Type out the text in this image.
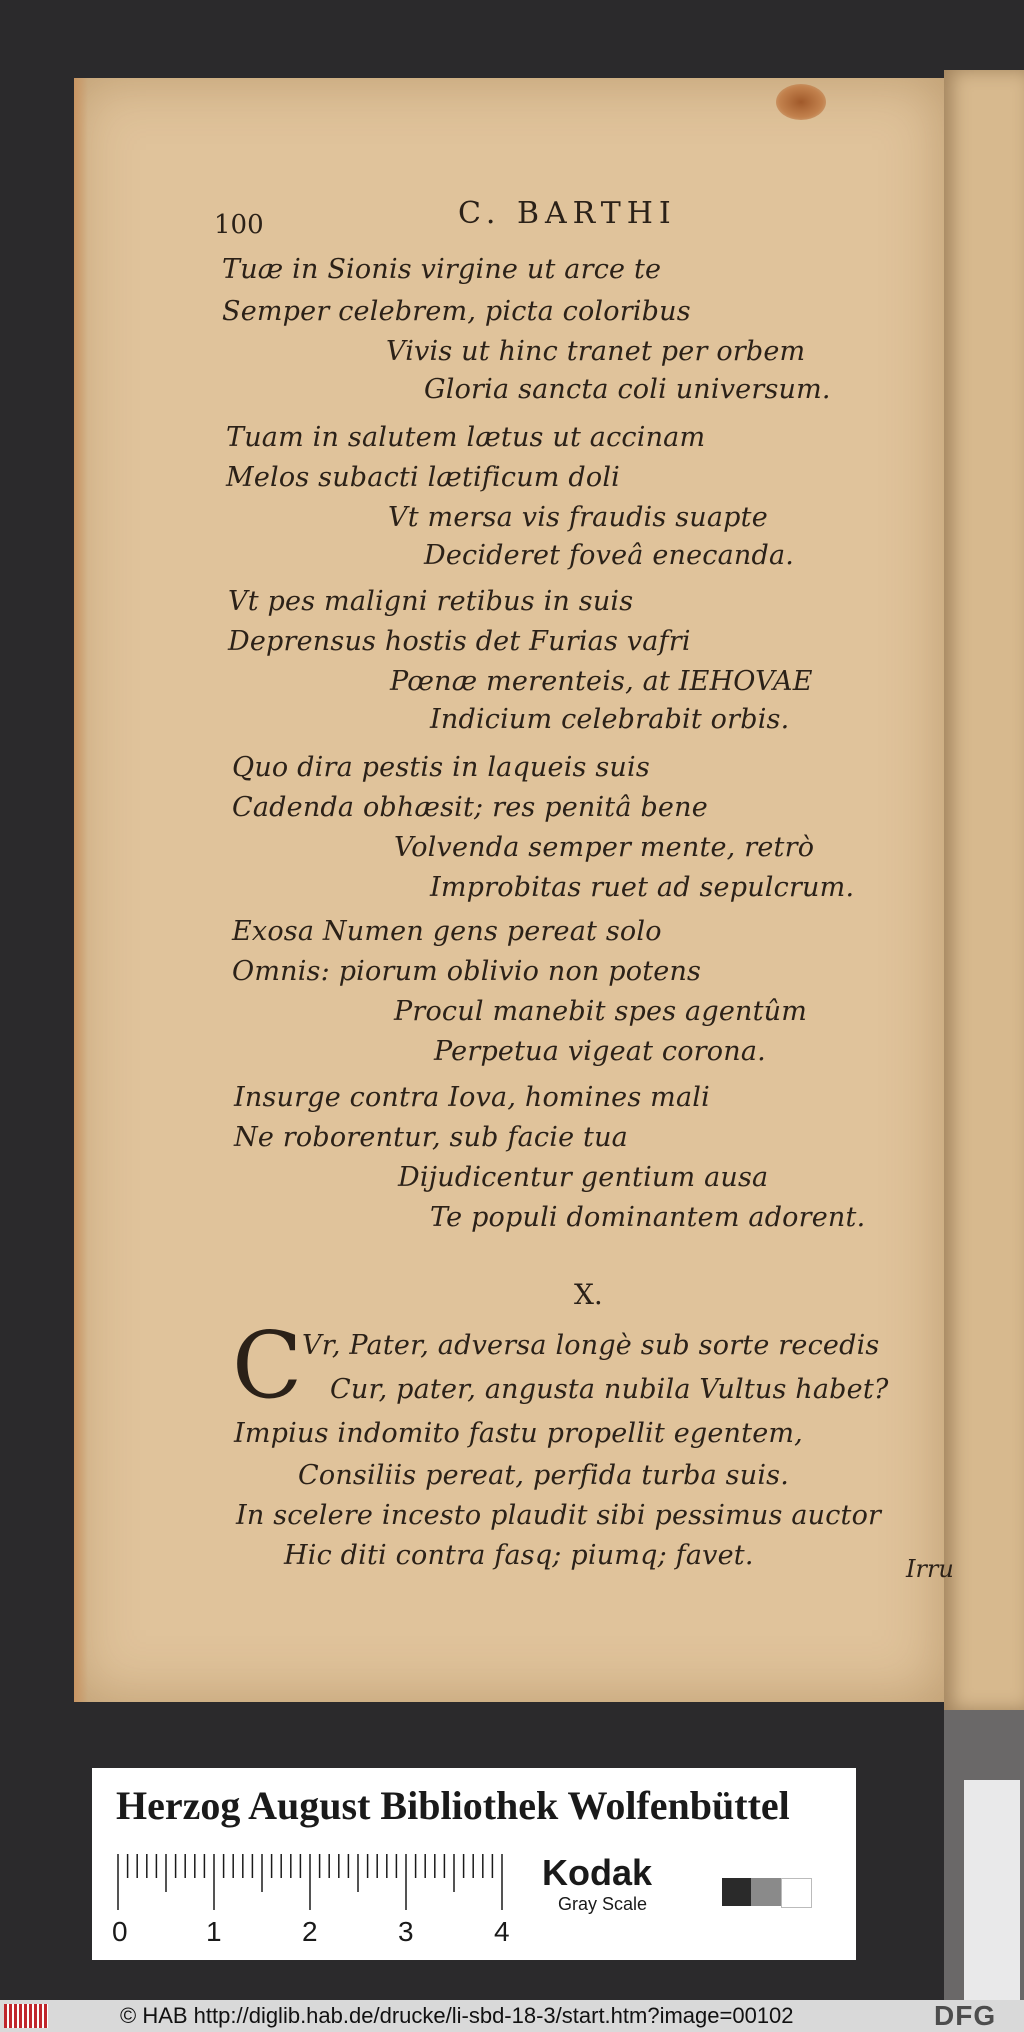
100	C. BARTHI
Tuæ in Sionis virgine ut arce te
Semper celebrem, picta coloribus
Vivis ut hinc tranet per orbem
Gloria sancta coli universum.
Tuam in salutem lætus ut accinam
Melos subacti lætificum doli
Vt mersa vis fraudis suapte
Decideret foveâ enecanda.
Vt pes maligni retibus in suis
Deprensus hostis det Furias vafri
Pœnæ merenteis, at IEHOVAE
Indicium celebrabit orbis.
Quo dira pestis in laqueis suis
Cadenda obhæsit; res penitâ bene
Volvenda semper mente, retrò
Improbitas ruet ad sepulcrum.
Exosa Numen gens pereat solo
Omnis: piorum oblivio non potens
Procul manebit spes agentûm
Perpetua vigeat corona.
Insurge contra Iova, homines mali
Ne roborentur, sub facie tua
Dijudicentur gentium ausa
Te populi dominantem adorent.
X.
C Vr, Pater, adversa longè sub sorte recedis
Cur, pater, angusta nubila Vultus habet?
Impius indomito fastu propellit egentem,
Consiliis pereat, perfida turba suis.
In scelere incesto plaudit sibi pessimus auctor
Hic diti contra fasq; piumq; favet.	Irru
Herzog August Bibliothek Wolfenbüttel
0	1	2	3	4
Kodak
Gray Scale
© HAB http://diglib.hab.de/drucke/li-sbd-18-3/start.htm?image=00102	DFG
